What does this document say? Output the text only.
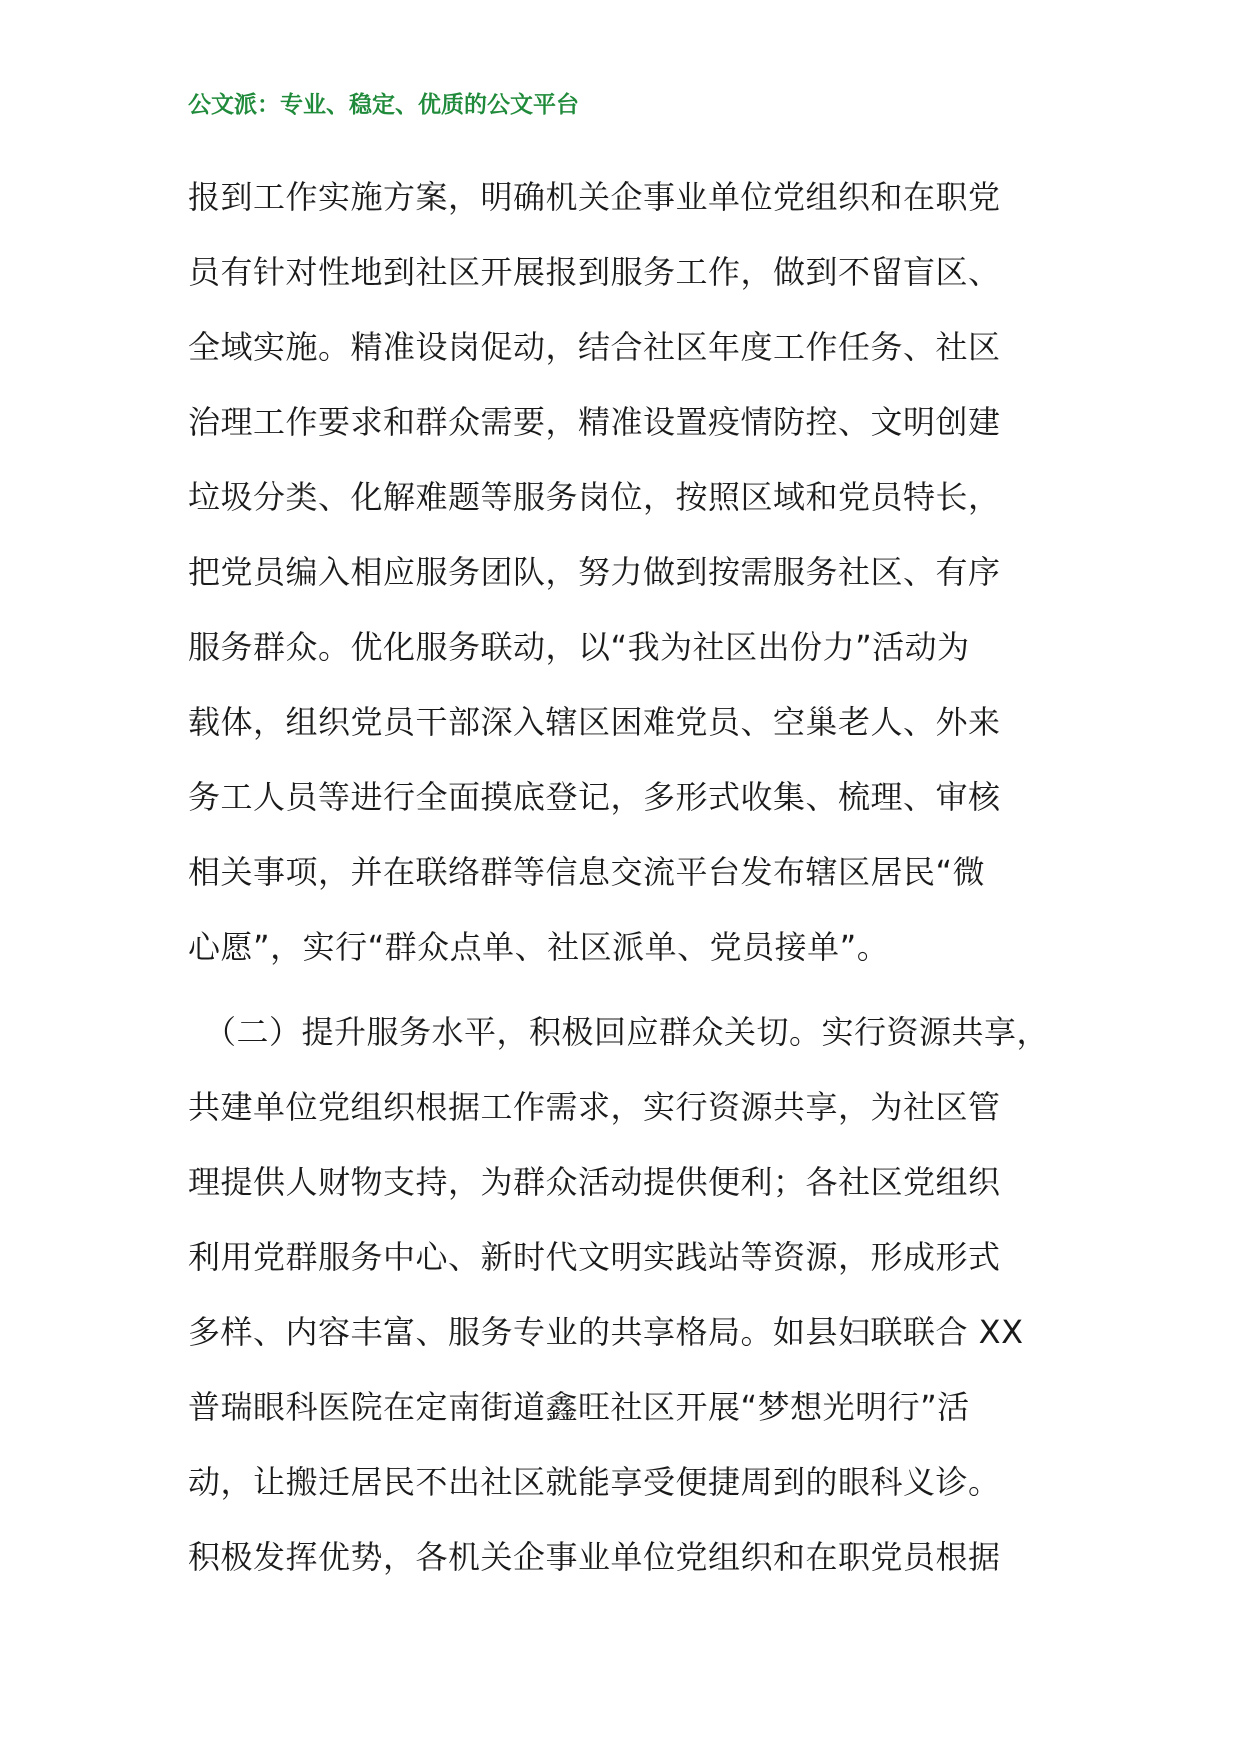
公文派：专业、稳定、优质的公文平台
报到工作实施方案，明确机关企事业单位党组织和在职党
员有针对性地到社区开展报到服务工作，做到不留盲区、
全域实施。精准设岗促动，结合社区年度工作任务、社区
治理工作要求和群众需要，精准设置疫情防控、文明创建
垃圾分类、化解难题等服务岗位，按照区域和党员特长，
把党员编入相应服务团队，努力做到按需服务社区、有序
服务群众。优化服务联动，以“我为社区出份力”活动为
载体，组织党员干部深入辖区困难党员、空巢老人、外来
务工人员等进行全面摸底登记，多形式收集、梳理、审核
相关事项，并在联络群等信息交流平台发布辖区居民“微
心愿”，实行“群众点单、社区派单、党员接单”。
（二）提升服务水平，积极回应群众关切。实行资源共享，
共建单位党组织根据工作需求，实行资源共享，为社区管
理提供人财物支持，为群众活动提供便利；各社区党组织
利用党群服务中心、新时代文明实践站等资源，形成形式
多样、内容丰富、服务专业的共享格局。如县妇联联合 XX
普瑞眼科医院在定南街道鑫旺社区开展“梦想光明行”活
动，让搬迁居民不出社区就能享受便捷周到的眼科义诊。
积极发挥优势，各机关企事业单位党组织和在职党员根据
